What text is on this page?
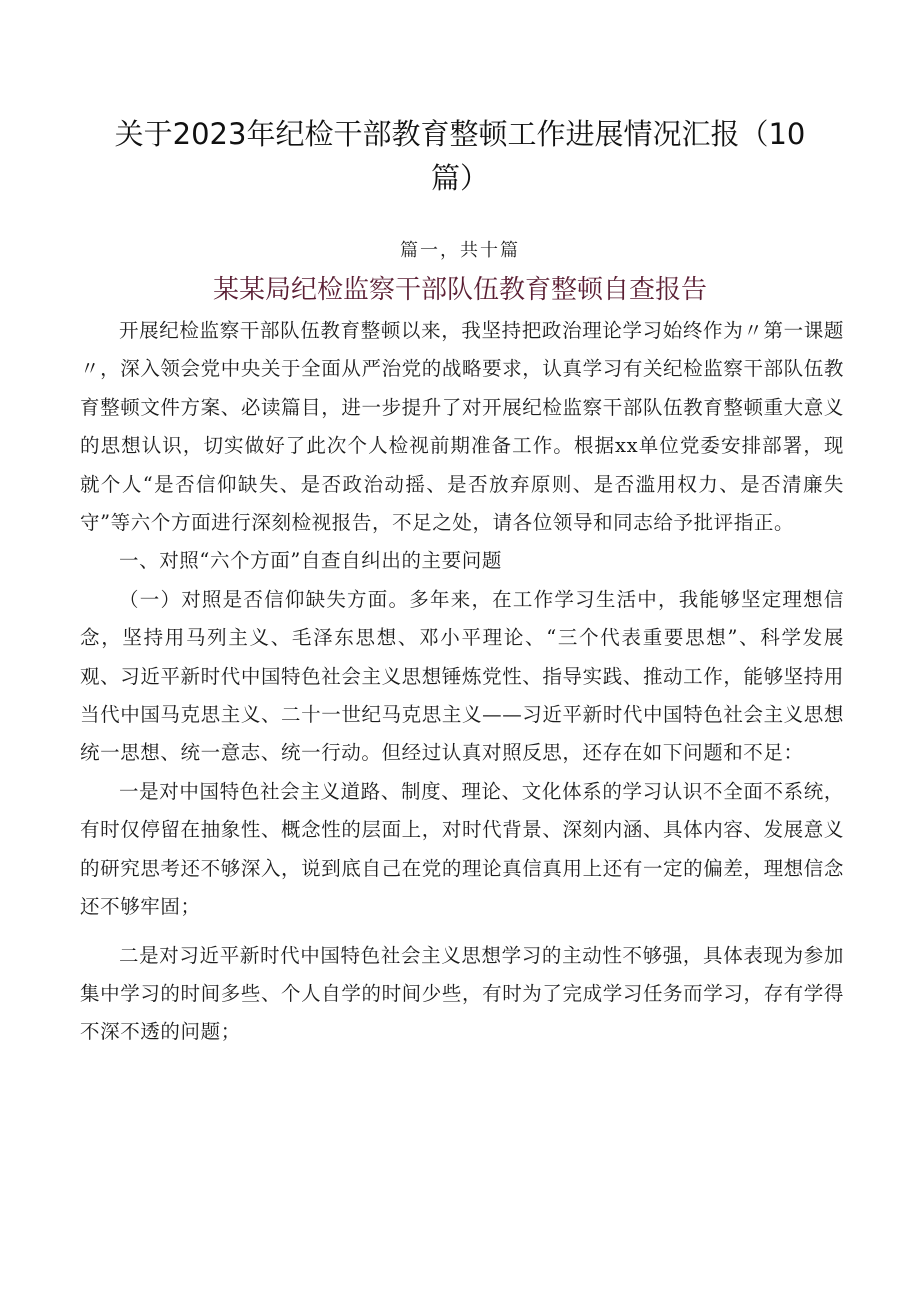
关于2023年纪检干部教育整顿工作进展情况汇报（10
篇）
篇一，共十篇
某某局纪检监察干部队伍教育整顿自查报告

开展纪检监察干部队伍教育整顿以来，我坚持把政治理论学习始终作为〃第一课题〃，深入领会党中央关于全面从严治党的战略要求，认真学习有关纪检监察干部队伍教育整顿文件方案、必读篇目，进一步提升了对开展纪检监察干部队伍教育整顿重大意义的思想认识，切实做好了此次个人检视前期准备工作。根据xx单位党委安排部署，现就个人“是否信仰缺失、是否政治动摇、是否放弃原则、是否滥用权力、是否清廉失守”等六个方面进行深刻检视报告，不足之处，请各位领导和同志给予批评指正。

一、对照“六个方面”自查自纠出的主要问题

（一）对照是否信仰缺失方面。多年来，在工作学习生活中，我能够坚定理想信念，坚持用马列主义、毛泽东思想、邓小平理论、“三个代表重要思想”、科学发展观、习近平新时代中国特色社会主义思想锤炼党性、指导实践、推动工作，能够坚持用当代中国马克思主义、二十一世纪马克思主义——习近平新时代中国特色社会主义思想统一思想、统一意志、统一行动。但经过认真对照反思，还存在如下问题和不足：

一是对中国特色社会主义道路、制度、理论、文化体系的学习认识不全面不系统，有时仅停留在抽象性、概念性的层面上，对时代背景、深刻内涵、具体内容、发展意义的研究思考还不够深入，说到底自己在党的理论真信真用上还有一定的偏差，理想信念还不够牢固；

二是对习近平新时代中国特色社会主义思想学习的主动性不够强，具体表现为参加集中学习的时间多些、个人自学的时间少些，有时为了完成学习任务而学习，存有学得不深不透的问题；
